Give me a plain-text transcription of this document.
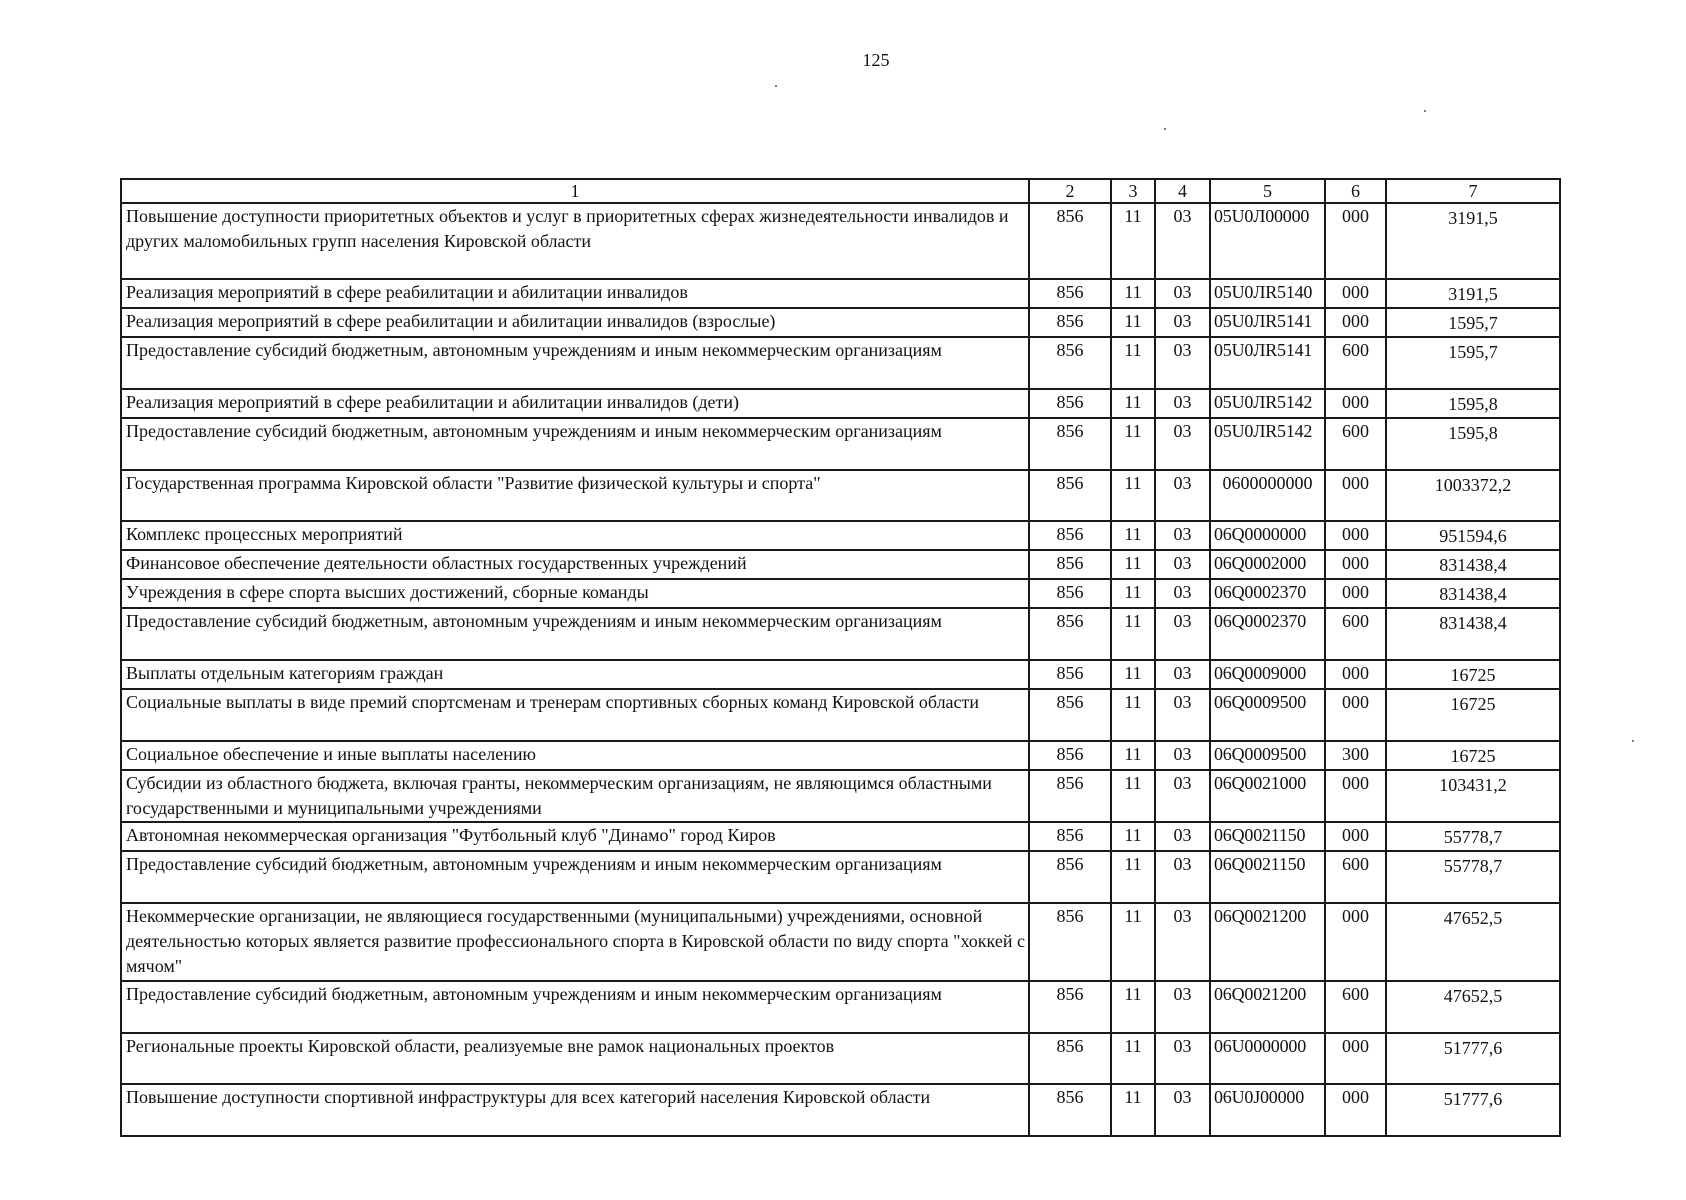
125
1	2	3	4	5	6	7
Повышение доступности приоритетных объектов и услуг в приоритетных сферах жизнедеятельности инвалидов и других маломобильных групп населения Кировской области	856	11	03	05U0Л00000	000	3191,5
Реализация мероприятий в сфере реабилитации и абилитации инвалидов	856	11	03	05U0ЛR5140	000	3191,5
Реализация мероприятий в сфере реабилитации и абилитации инвалидов (взрослые)	856	11	03	05U0ЛR5141	000	1595,7
Предоставление субсидий бюджетным, автономным учреждениям и иным некоммерческим организациям	856	11	03	05U0ЛR5141	600	1595,7
Реализация мероприятий в сфере реабилитации и абилитации инвалидов (дети)	856	11	03	05U0ЛR5142	000	1595,8
Предоставление субсидий бюджетным, автономным учреждениям и иным некоммерческим организациям	856	11	03	05U0ЛR5142	600	1595,8
Государственная программа Кировской области "Развитие физической культуры и спорта"	856	11	03	0600000000	000	1003372,2
Комплекс процессных мероприятий	856	11	03	06Q0000000	000	951594,6
Финансовое обеспечение деятельности областных государственных учреждений	856	11	03	06Q0002000	000	831438,4
Учреждения в сфере спорта высших достижений, сборные команды	856	11	03	06Q0002370	000	831438,4
Предоставление субсидий бюджетным, автономным учреждениям и иным некоммерческим организациям	856	11	03	06Q0002370	600	831438,4
Выплаты отдельным категориям граждан	856	11	03	06Q0009000	000	16725
Социальные выплаты в виде премий спортсменам и тренерам спортивных сборных команд Кировской области	856	11	03	06Q0009500	000	16725
Социальное обеспечение и иные выплаты населению	856	11	03	06Q0009500	300	16725
Субсидии из областного бюджета, включая гранты, некоммерческим организациям, не являющимся областными государственными и муниципальными учреждениями	856	11	03	06Q0021000	000	103431,2
Автономная некоммерческая организация "Футбольный клуб "Динамо" город Киров	856	11	03	06Q0021150	000	55778,7
Предоставление субсидий бюджетным, автономным учреждениям и иным некоммерческим организациям	856	11	03	06Q0021150	600	55778,7
Некоммерческие организации, не являющиеся государственными (муниципальными) учреждениями, основной деятельностью которых является развитие профессионального спорта в Кировской области по виду спорта "хоккей с мячом"	856	11	03	06Q0021200	000	47652,5
Предоставление субсидий бюджетным, автономным учреждениям и иным некоммерческим организациям	856	11	03	06Q0021200	600	47652,5
Региональные проекты Кировской области, реализуемые вне рамок национальных проектов	856	11	03	06U0000000	000	51777,6
Повышение доступности спортивной инфраструктуры для всех категорий населения Кировской области	856	11	03	06U0J00000	000	51777,6
